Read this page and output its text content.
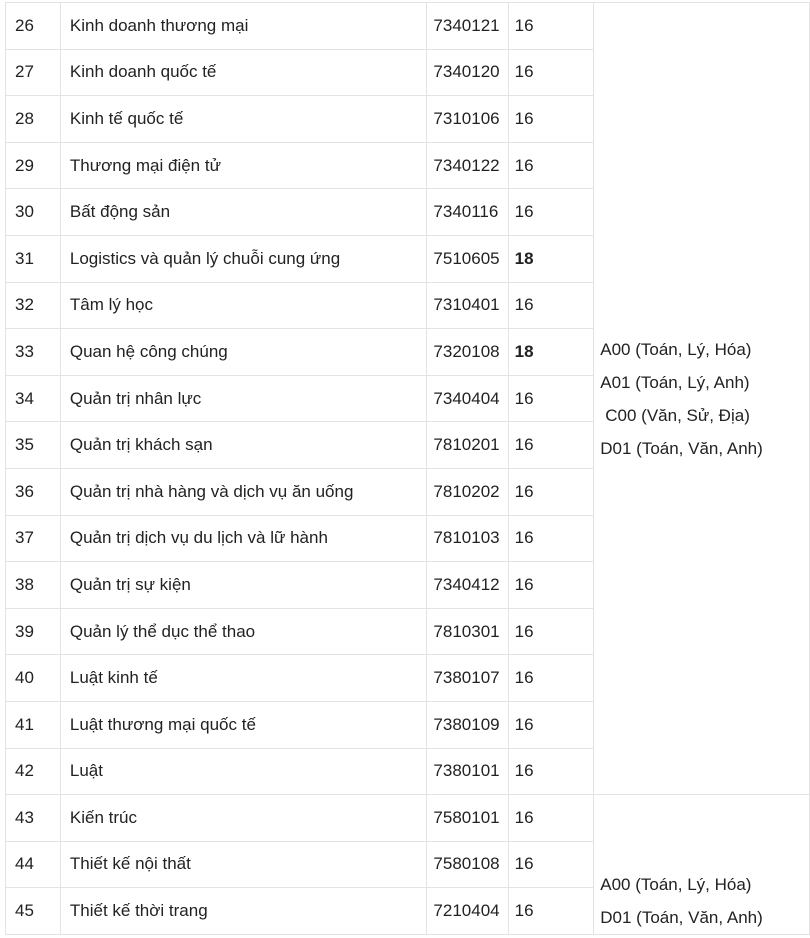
26	Kinh doanh thương mại	7340121	16	A00 (Toán, Lý, Hóa)
A01 (Toán, Lý, Anh)
C00 (Văn, Sử, Địa)
D01 (Toán, Văn, Anh)

27	Kinh doanh quốc tế	7340120	16	
28	Kinh tế quốc tế	7310106	16	
29	Thương mại điện tử	7340122	16	
30	Bất động sản	7340116	16	
31	Logistics và quản lý chuỗi cung ứng	7510605	18	
32	Tâm lý học	7310401	16	
33	Quan hệ công chúng	7320108	18	
34	Quản trị nhân lực	7340404	16	
35	Quản trị khách sạn	7810201	16	
36	Quản trị nhà hàng và dịch vụ ăn uống	7810202	16	
37	Quản trị dịch vụ du lịch và lữ hành	7810103	16	
38	Quản trị sự kiện	7340412	16	
39	Quản lý thể dục thể thao	7810301	16	
40	Luật kinh tế	7380107	16	
41	Luật thương mại quốc tế	7380109	16	
42	Luật	7380101	16	
43	Kiến trúc	7580101	16	A00 (Toán, Lý, Hóa)
D01 (Toán, Văn, Anh)

44	Thiết kế nội thất	7580108	16	
45	Thiết kế thời trang	7210404	16	
